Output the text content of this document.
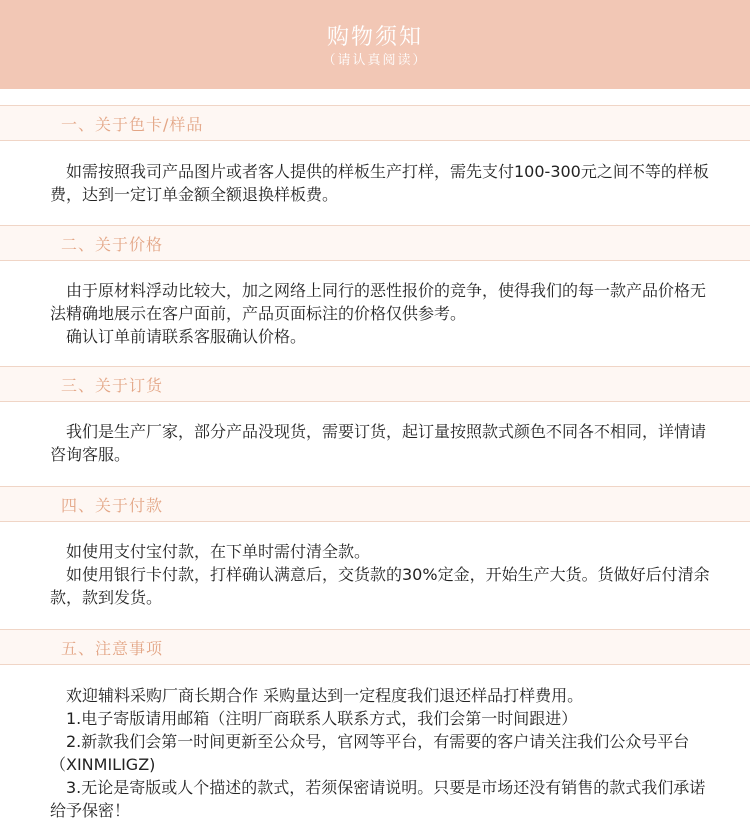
购物须知
（请认真阅读）
一、关于色卡/样品

如需按照我司产品图片或者客人提供的样板生产打样，需先支付100-300元之间不等的样板费，达到一定订单金额全额退换样板费。

二、关于价格

由于原材料浮动比较大，加之网络上同行的恶性报价的竞争，使得我们的每一款产品价格无法精确地展示在客户面前，产品页面标注的价格仅供参考。

确认订单前请联系客服确认价格。

三、关于订货

我们是生产厂家，部分产品没现货，需要订货，起订量按照款式颜色不同各不相同，详情请咨询客服。

四、关于付款

如使用支付宝付款，在下单时需付清全款。

如使用银行卡付款，打样确认满意后，交货款的30%定金，开始生产大货。货做好后付清余款，款到发货。

五、注意事项

欢迎辅料采购厂商长期合作 采购量达到一定程度我们退还样品打样费用。

1.电子寄版请用邮箱（注明厂商联系人联系方式，我们会第一时间跟进）

2.新款我们会第一时间更新至公众号，官网等平台，有需要的客户请关注我们公众号平台（XINMILIGZ)

3.无论是寄版或人个描述的款式，若须保密请说明。只要是市场还没有销售的款式我们承诺给予保密！
